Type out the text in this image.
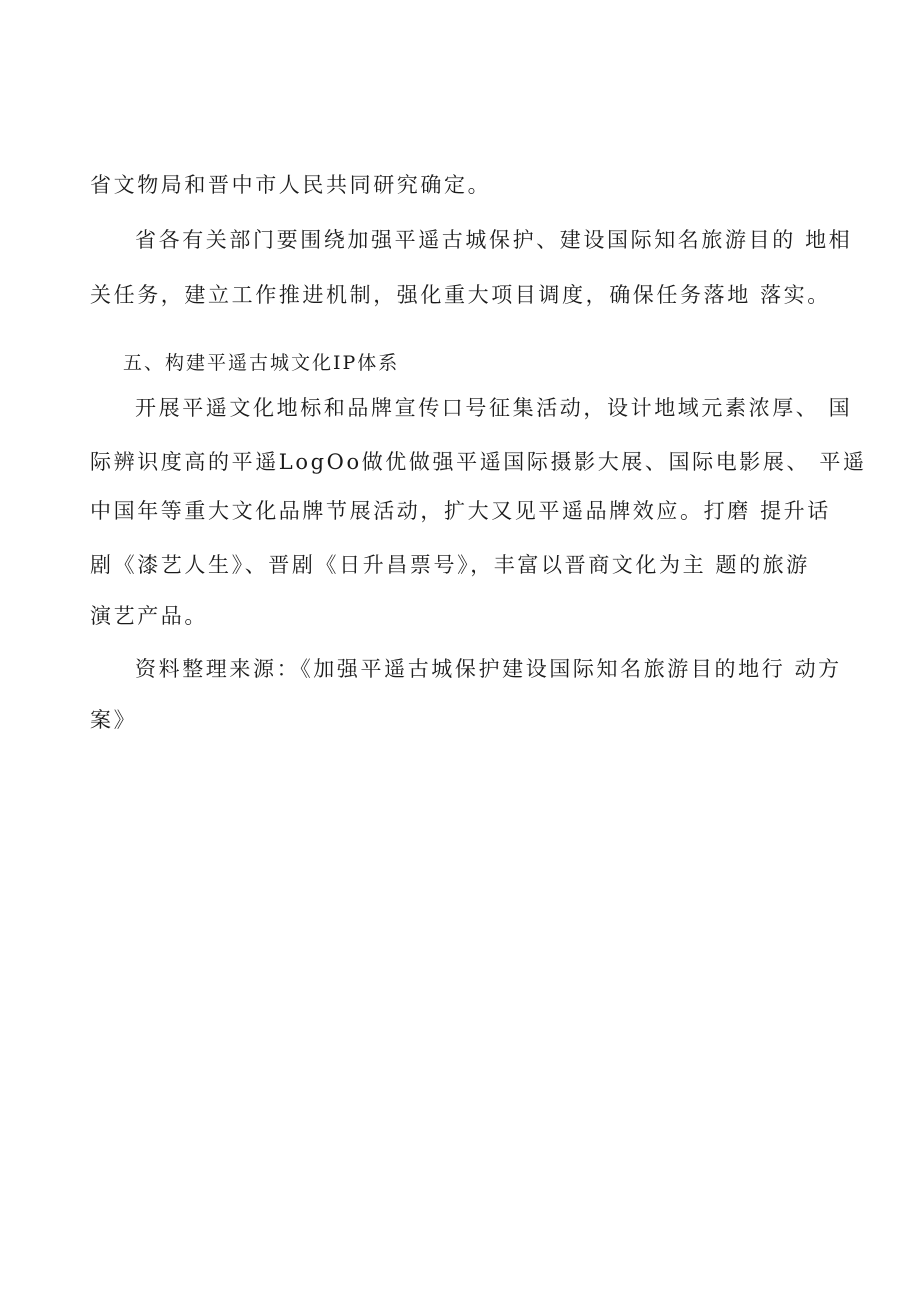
省文物局和晋中市人民共同研究确定。

省各有关部门要围绕加强平遥古城保护、建设国际知名旅游目的 地相

关任务，建立工作推进机制，强化重大项目调度，确保任务落地 落实。

五、构建平遥古城文化IP体系

开展平遥文化地标和品牌宣传口号征集活动，设计地域元素浓厚、 国

际辨识度高的平遥LogOo做优做强平遥国际摄影大展、国际电影展、 平遥

中国年等重大文化品牌节展活动，扩大又见平遥品牌效应。打磨 提升话

剧《漆艺人生》、晋剧《日升昌票号》，丰富以晋商文化为主 题的旅游

演艺产品。

资料整理来源：《加强平遥古城保护建设国际知名旅游目的地行 动方

案》
